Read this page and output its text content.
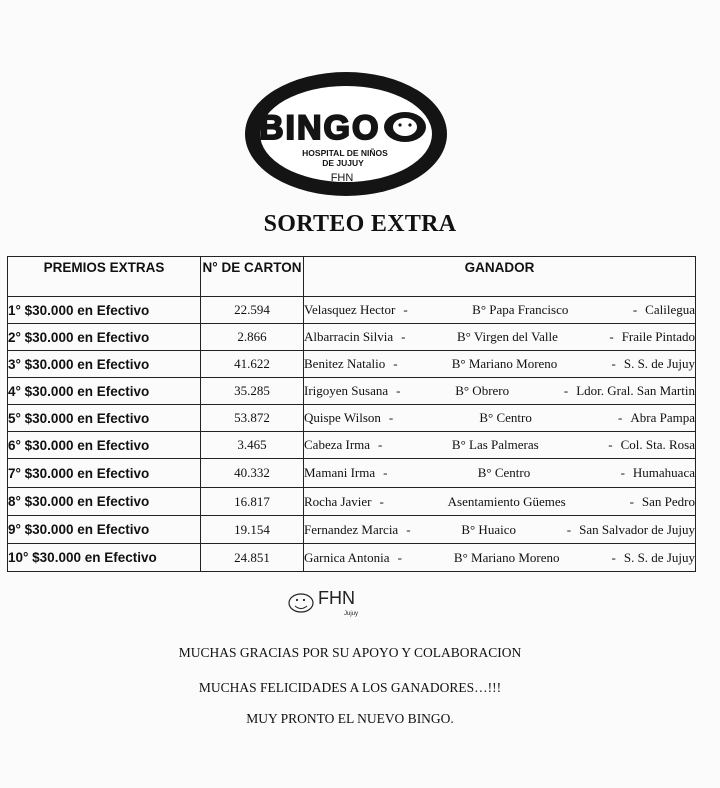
BINGO
HOSPITAL DE NIÑOS
DE JUJUY
FHN
SORTEO EXTRA
PREMIOS EXTRAS	N° DE CARTON	GANADOR
1° $30.000 en Efectivo	22.594	Velasquez Hector - B° Papa Francisco - Calilegua

2° $30.000 en Efectivo	2.866	Albarracin Silvia - B° Virgen del Valle - Fraile Pintado

3° $30.000 en Efectivo	41.622	Benitez Natalio - B° Mariano Moreno - S. S. de Jujuy

4° $30.000 en Efectivo	35.285	Irigoyen Susana - B° Obrero - Ldor. Gral. San Martin

5° $30.000 en Efectivo	53.872	Quispe Wilson - B° Centro - Abra Pampa

6° $30.000 en Efectivo	3.465	Cabeza Irma - B° Las Palmeras - Col. Sta. Rosa

7° $30.000 en Efectivo	40.332	Mamani Irma - B° Centro - Humahuaca

8° $30.000 en Efectivo	16.817	Rocha Javier - Asentamiento Güemes - San Pedro

9° $30.000 en Efectivo	19.154	Fernandez Marcia - B° Huaico - San Salvador de Jujuy

10° $30.000 en Efectivo	24.851	Garnica Antonia - B° Mariano Moreno - S. S. de Jujuy
FHN
Jujuy
MUCHAS GRACIAS POR SU APOYO Y COLABORACION
MUCHAS FELICIDADES A LOS GANADORES…!!!
MUY PRONTO EL NUEVO BINGO.
